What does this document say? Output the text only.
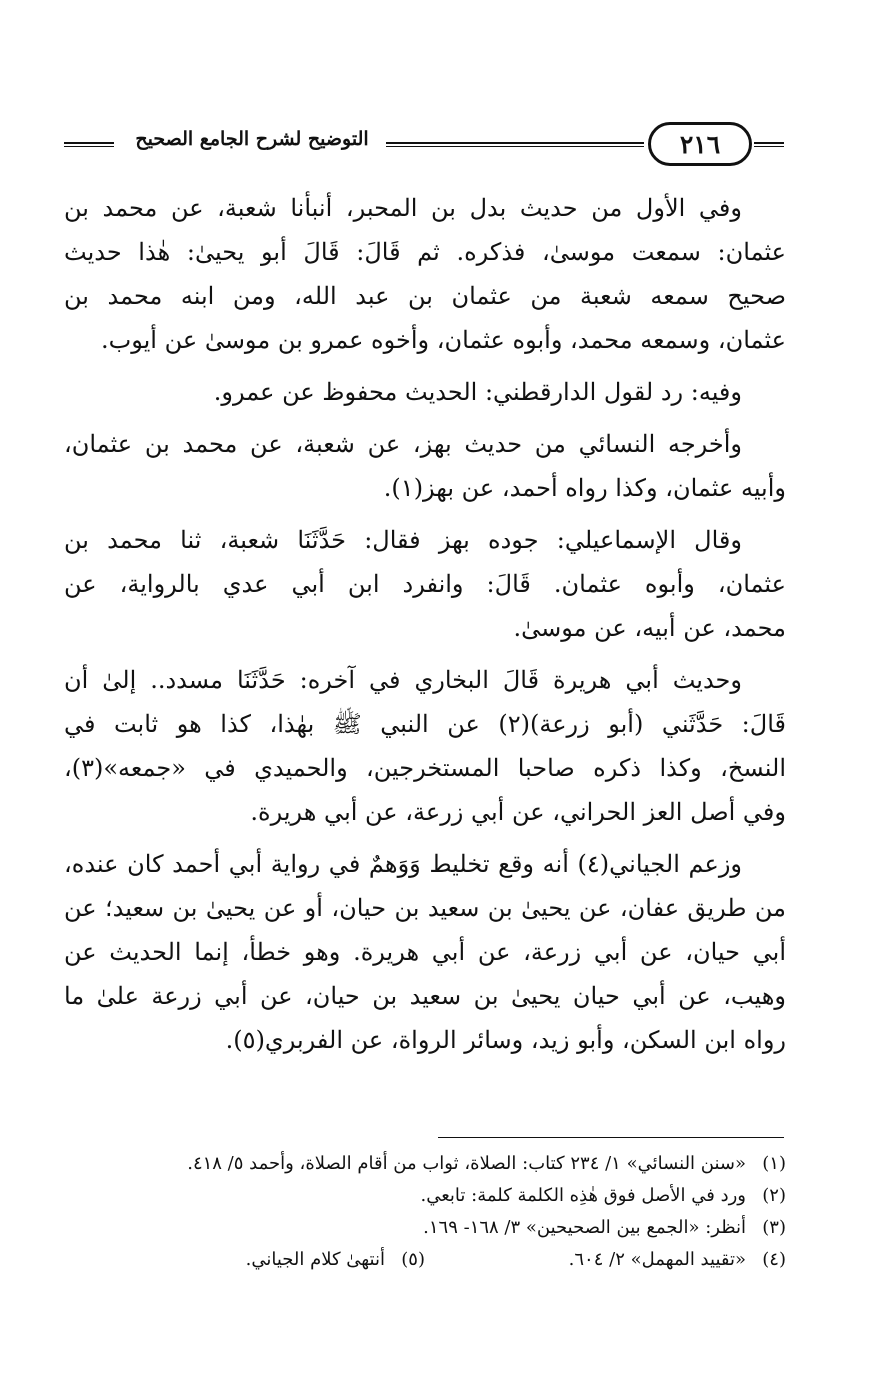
التوضيح لشرح الجامع الصحيح	٢١٦
وفي الأول من حديث بدل بن المحبر، أنبأنا شعبة، عن محمد بن
عثمان: سمعت موسىٰ، فذكره. ثم قَالَ: قَالَ أبو يحيىٰ: هٰذا حديث
صحيح سمعه شعبة من عثمان بن عبد الله، ومن ابنه محمد بن
عثمان، وسمعه محمد، وأبوه عثمان، وأخوه عمرو بن موسىٰ عن أيوب.
وفيه: رد لقول الدارقطني: الحديث محفوظ عن عمرو.
وأخرجه النسائي من حديث بهز، عن شعبة، عن محمد بن عثمان،
وأبيه عثمان، وكذا رواه أحمد، عن بهز(١).
وقال الإسماعيلي: جوده بهز فقال: حَدَّثَنَا شعبة، ثنا محمد بن
عثمان، وأبوه عثمان. قَالَ: وانفرد ابن أبي عدي بالرواية، عن
محمد، عن أبيه، عن موسىٰ.
وحديث أبي هريرة قَالَ البخاري في آخره: حَدَّثَنَا مسدد.. إلىٰ أن
قَالَ: حَدَّثَني (أبو زرعة)(٢) عن النبي ﷺ بهٰذا، كذا هو ثابت في
النسخ، وكذا ذكره صاحبا المستخرجين، والحميدي في «جمعه»(٣)،
وفي أصل العز الحراني، عن أبي زرعة، عن أبي هريرة.
وزعم الجياني(٤) أنه وقع تخليط وَوَهمٌ في رواية أبي أحمد كان عنده،
من طريق عفان، عن يحيىٰ بن سعيد بن حيان، أو عن يحيىٰ بن سعيد؛ عن
أبي حيان، عن أبي زرعة، عن أبي هريرة. وهو خطأ، إنما الحديث عن
وهيب، عن أبي حيان يحيىٰ بن سعيد بن حيان، عن أبي زرعة علىٰ ما
رواه ابن السكن، وأبو زيد، وسائر الرواة، عن الفربري(٥).
(١)
«سنن النسائي» ١/ ٢٣٤ كتاب: الصلاة، ثواب من أقام الصلاة، وأحمد ٥/ ٤١٨.
(٢)
ورد في الأصل فوق هٰذِه الكلمة كلمة: تابعي.
(٣)
أنظر: «الجمع بين الصحيحين» ٣/ ١٦٨- ١٦٩.
(٤)
«تقييد المهمل» ٢/ ٦٠٤.
(٥)
أنتهىٰ كلام الجياني.
